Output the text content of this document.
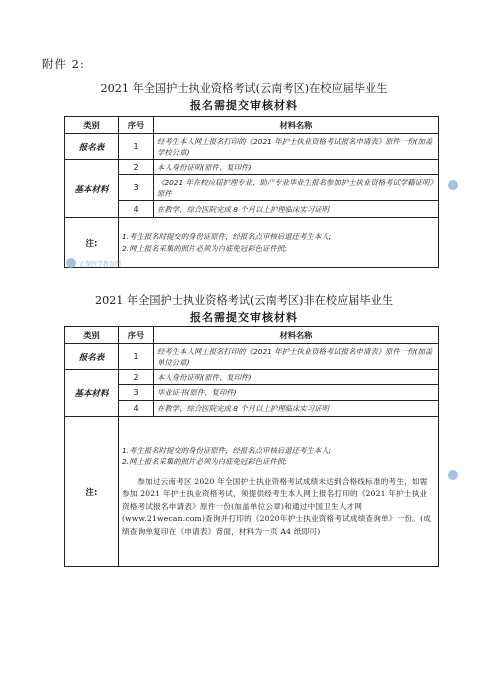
附件 2:
2021 年全国护士执业资格考试(云南考区)在校应届毕业生
报名需提交审核材料
类别	序号	材料名称
报名表	1	经考生本人网上报名打印的《2021 年护士执业资格考试报名申请表》原件一份(加盖学校公章)
基本材料	2	本人身份证明(原件、复印件)
	3	《2021 年在校应届护理专业、助产专业毕业生报名参加护士执业资格考试学籍证明》原件
	4	在教学、综合医院完成 8 个月以上护理临床实习证明
注:	1.考生报名时提交的身份证原件，经报名点审核后退还考生本人;
2.网上报名采集的照片必须为白底免冠彩色证件照;	
2021 年全国护士执业资格考试(云南考区)非在校应届毕业生
报名需提交审核材料
类别	序号	材料名称
报名表	1	经考生本人网上报名打印的《2021 年护士执业资格考试报名申请表》原件一份(加盖单位公章)
基本材料	2	本人身份证明(原件、复印件)
	3	毕业证书(原件、复印件)
	4	在教学、综合医院完成 8 个月以上护理临床实习证明
注:	1.考生报名时提交的身份证原件，经报名点审核后退还考生本人;
2.网上报名采集的照片必须为白底免冠彩色证件照;
参加过云南考区 2020 年全国护士执业资格考试成绩未达到合格线标准的考生，如需参加 2021 年护士执业资格考试，须提供经考生本人网上报名打印的《2021 年护士执业资格考试报名申请表》原件一份(加盖单位公章)和通过中国卫生人才网(www.21wecan.com)查询并打印的《2020年护士执业资格考试成绩查询单》一份。(成绩查询单复印在《申请表》背面，材料为一页 A4 纸即可)	
正保医学教育网
